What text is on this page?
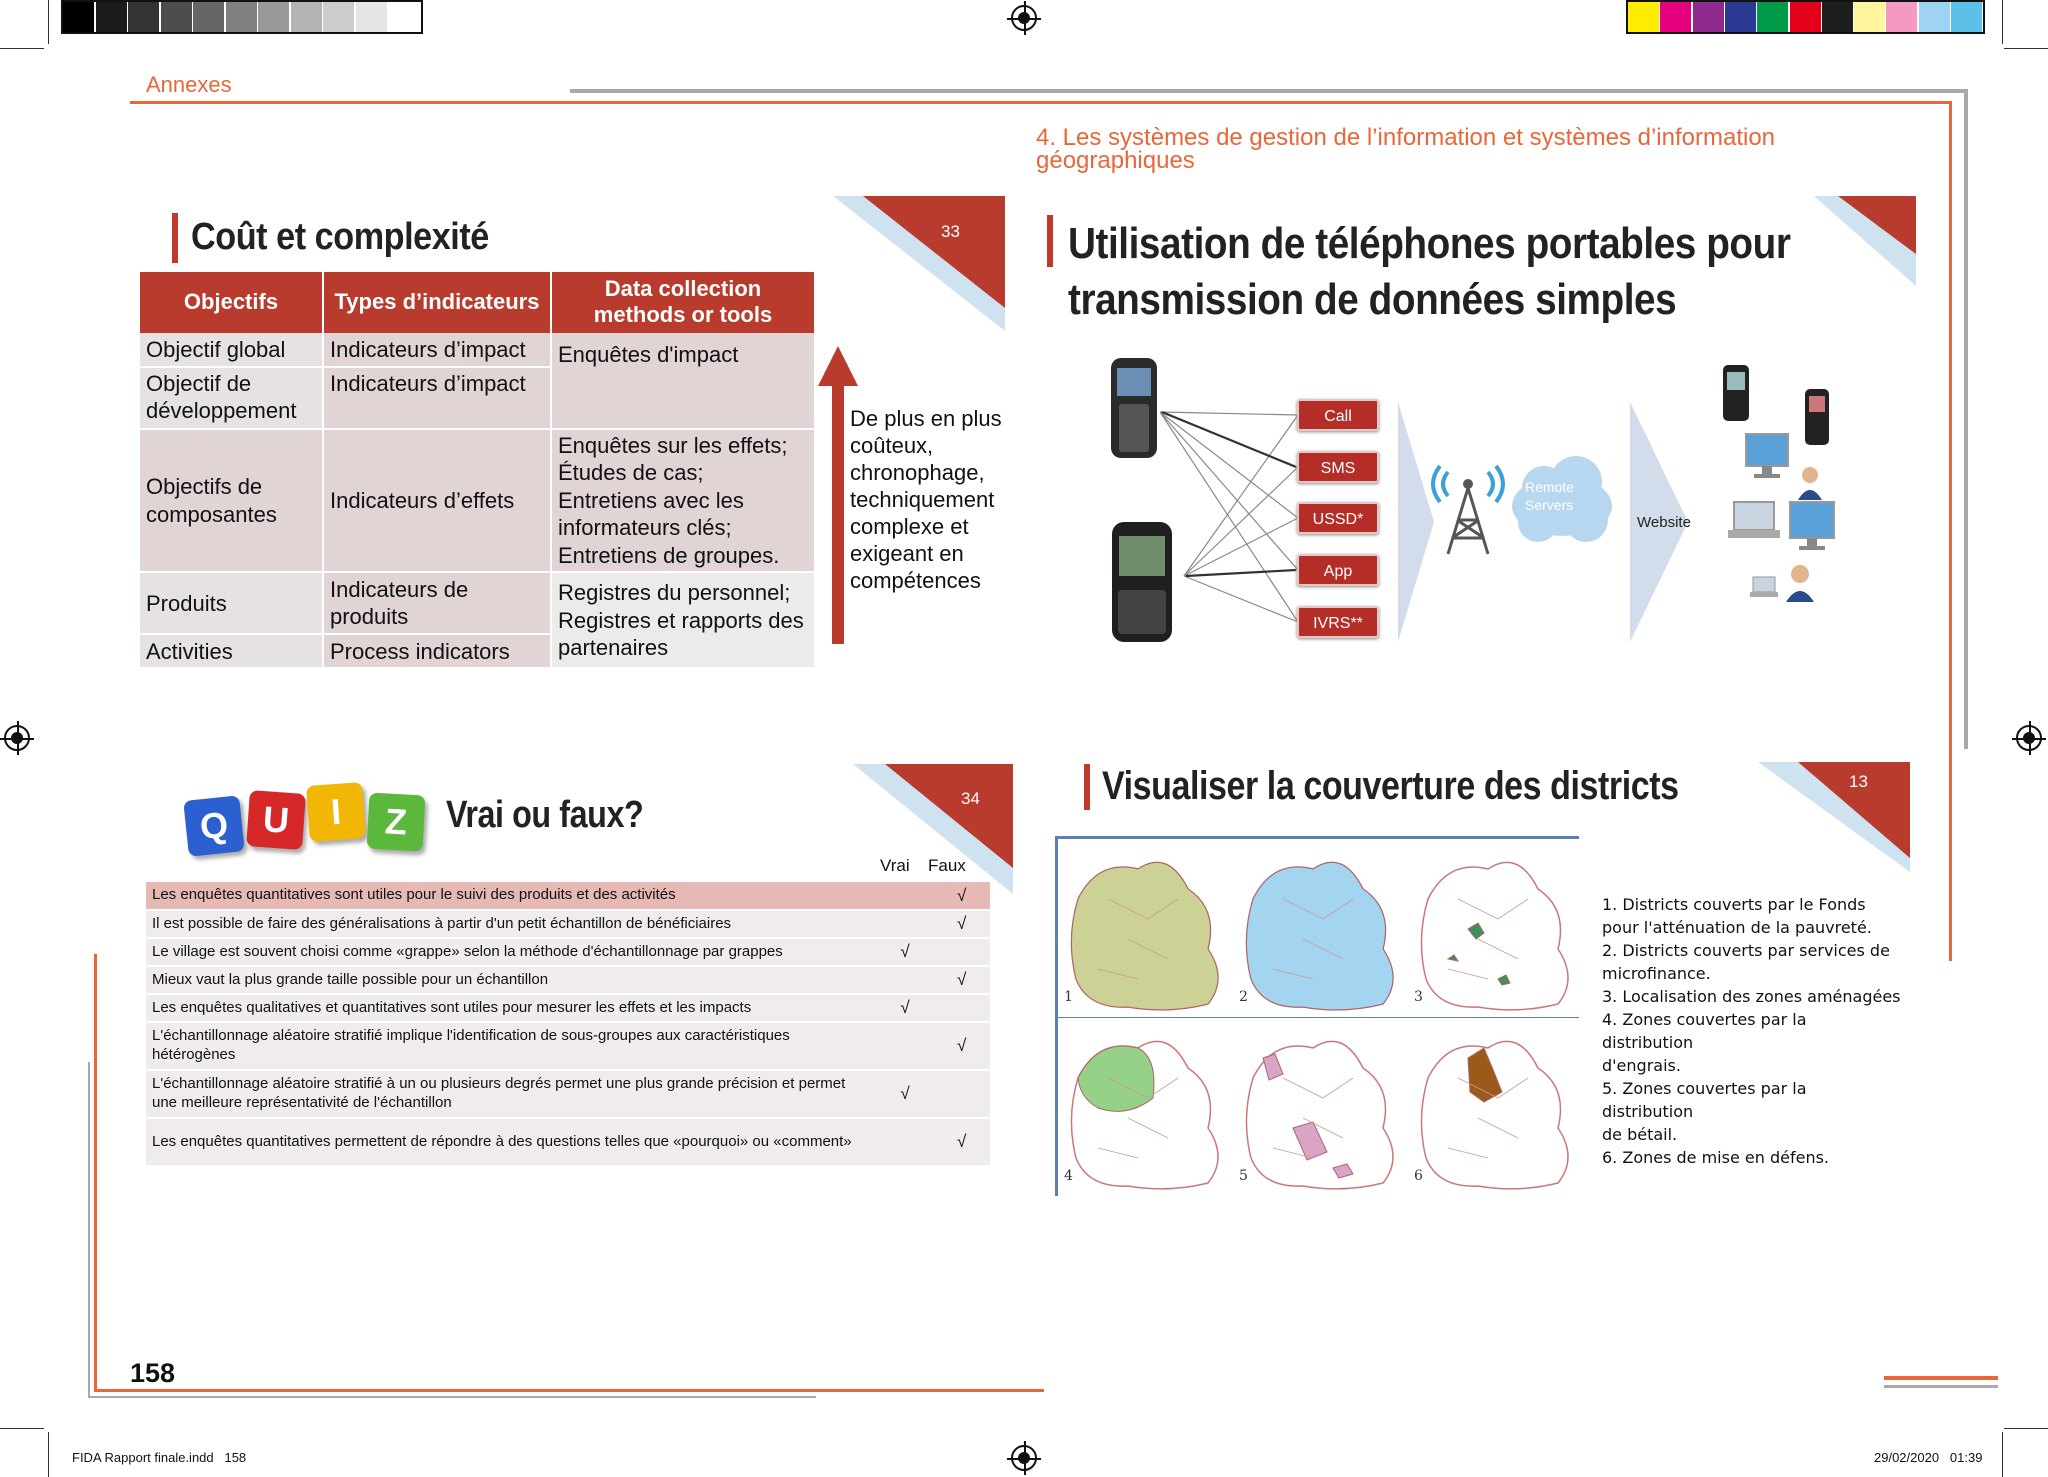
Annexes
4. Les systèmes de gestion de l’information et systèmes d’information
géographiques
33
Coût et complexité
Objectifs	Types d’indicateurs	Data collection methods or tools
Objectif global	Indicateurs d’impact	Enquêtes d'impact
Objectif de développement	Indicateurs d’impact	
Objectifs de composantes	Indicateurs d’effets	Enquêtes sur les effets; Études de cas; Entretiens avec les informateurs clés; Entretiens de groupes.
Produits	Indicateurs de produits	Registres du personnel; Registres et rapports des partenaires
Activities	Process indicators	
De plus en plus coûteux, chronophage, techniquement complexe et exigeant en compétences
Utilisation de téléphones portables pour
transmission de données simples
Call
SMS
USSD*
App
IVRS**
Remote Servers
Website
34
Q U	I	Z Vrai ou faux?
Vrai Faux
Les enquêtes quantitatives sont utiles pour le suivi des produits et des activités		√
Il est possible de faire des généralisations à partir d'un petit échantillon de bénéficiaires		√
Le village est souvent choisi comme «grappe» selon la méthode d'échantillonnage par grappes	√	
Mieux vaut la plus grande taille possible pour un échantillon		√
Les enquêtes qualitatives et quantitatives sont utiles pour mesurer les effets et les impacts	√	
L'échantillonnage aléatoire stratifié implique l'identification de sous-groupes aux caractéristiques hétérogènes		√
L'échantillonnage aléatoire stratifié à un ou plusieurs degrés permet une plus grande précision et permet une meilleure représentativité de l'échantillon	√	
Les enquêtes quantitatives permettent de répondre à des questions telles que «pourquoi» ou «comment»		√
13
Visualiser la couverture des districts
1	2	3
4	5	6
1. Districts couverts par le Fonds
pour l'atténuation de la pauvreté.
2. Districts couverts par services de
microfinance.
3. Localisation des zones aménagées
4. Zones couvertes par la distribution
d'engrais.
5. Zones couvertes par la distribution
de bétail.
6. Zones de mise en défens.
158
FIDA Rapport finale.indd   158	29/02/2020   01:39
